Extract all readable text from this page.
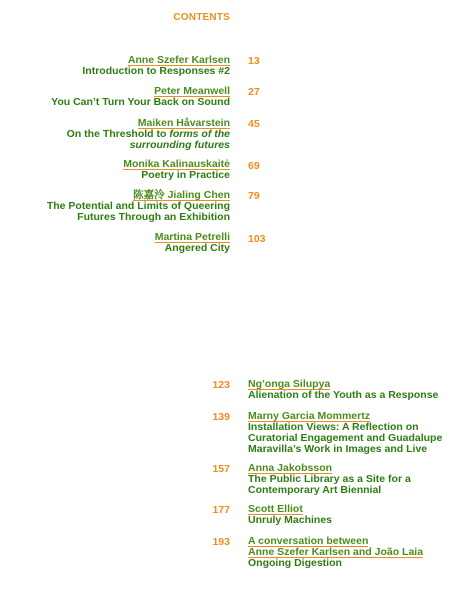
CONTENTS
Anne Szefer Karlsen
Introduction to Responses #2
13
Peter Meanwell
You Can’t Turn Your Back on Sound
27
Maiken Håvarstein
On the Threshold to forms of the
surrounding futures
45
Monika Kalinauskaitė
Poetry in Practice
69
陈嘉泠 Jialing Chen
The Potential and Limits of Queering
Futures Through an Exhibition
79
Martina Petrelli
Angered City
103
123 Ng’onga Silupya
Alienation of the Youth as a Response
139 Marny Garcia Mommertz
Installation Views: A Reflection on
Curatorial Engagement and Guadalupe
Maravilla’s Work in Images and Live
157 Anna Jakobsson
The Public Library as a Site for a
Contemporary Art Biennial
177 Scott Elliot
Unruly Machines
193 A conversation between
Anne Szefer Karlsen and João Laia
Ongoing Digestion
